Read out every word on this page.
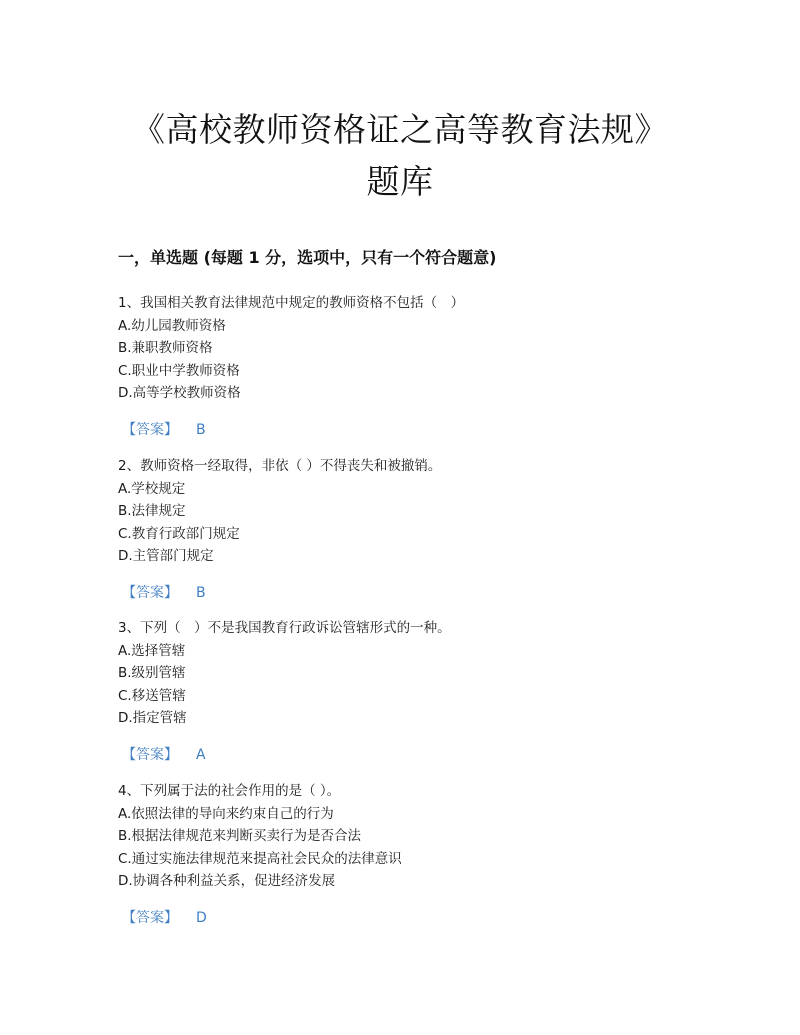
《高校教师资格证之高等教育法规》
题库
一，单选题 (每题 1 分，选项中，只有一个符合题意)
1、我国相关教育法律规范中规定的教师资格不包括（　）
A.幼儿园教师资格
B.兼职教师资格
C.职业中学教师资格
D.高等学校教师资格
【答案】 B
2、教师资格一经取得，非依（ ）不得丧失和被撤销。
A.学校规定
B.法律规定
C.教育行政部门规定
D.主管部门规定
【答案】 B
3、下列（　）不是我国教育行政诉讼管辖形式的一种。
A.选择管辖
B.级别管辖
C.移送管辖
D.指定管辖
【答案】 A
4、下列属于法的社会作用的是（ ）。
A.依照法律的导向来约束自己的行为
B.根据法律规范来判断买卖行为是否合法
C.通过实施法律规范来提高社会民众的法律意识
D.协调各种利益关系，促进经济发展
【答案】 D
